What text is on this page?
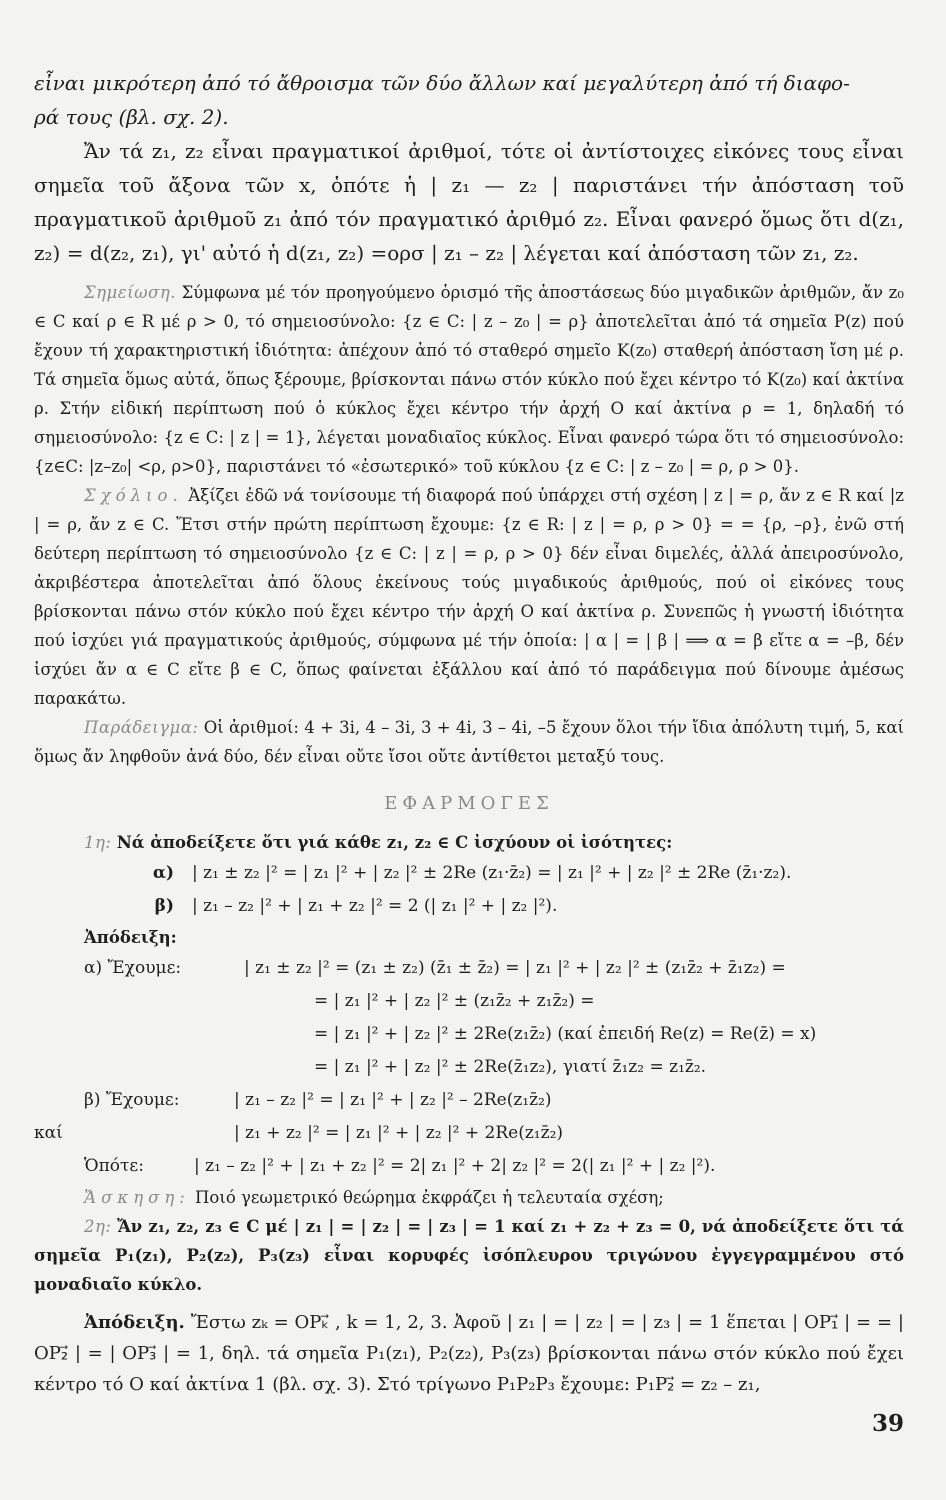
εἶναι μικρότερη ἀπό τό ἄθροισμα τῶν δύο ἄλλων καί μεγαλύτερη ἀπό τή διαφο-

ρά τους (βλ. σχ. 2).

Ἄν τά z₁, z₂ εἶναι πραγματικοί ἀριθμοί, τότε οἱ ἀντίστοιχες εἰκόνες τους εἶναι σημεῖα τοῦ ἄξονα τῶν x, ὁπότε ἡ | z₁ — z₂ | παριστάνει τήν ἀπόσταση τοῦ πραγματικοῦ ἀριθμοῦ z₁ ἀπό τόν πραγματικό ἀριθμό z₂. Εἶναι φανερό ὅμως ὅτι d(z₁, z₂) = d(z₂, z₁), γι' αὐτό ἡ d(z₁, z₂) =ορσ | z₁ – z₂ | λέγεται καί ἀπόσταση τῶν z₁, z₂.

Σημείωση. Σύμφωνα μέ τόν προηγούμενο ὁρισμό τῆς ἀποστάσεως δύο μιγαδικῶν ἀριθμῶν, ἄν z₀ ∈ C καί ρ ∈ R μέ ρ > 0, τό σημειοσύνολο: {z ∈ C: | z – z₀ | = ρ} ἀποτελεῖται ἀπό τά σημεῖα P(z) πού ἔχουν τή χαρακτηριστική ἰδιότητα: ἀπέχουν ἀπό τό σταθερό σημεῖο K(z₀) σταθερή ἀπόσταση ἴση μέ ρ. Τά σημεῖα ὅμως αὐτά, ὅπως ξέρουμε, βρίσκονται πάνω στόν κύκλο πού ἔχει κέντρο τό K(z₀) καί ἀκτίνα ρ. Στήν εἰδική περίπτωση πού ὁ κύκλος ἔχει κέντρο τήν ἀρχή O καί ἀκτίνα ρ = 1, δηλαδή τό σημειοσύνολο: {z ∈ C: | z | = 1}, λέγεται μοναδιαῖος κύκλος. Εἶναι φανερό τώρα ὅτι τό σημειοσύνολο: {z∈C: |z–z₀| <ρ, ρ>0}, παριστάνει τό «ἐσωτερικό» τοῦ κύκλου {z ∈ C: | z – z₀ | = ρ, ρ > 0}.

Σχόλιο. Ἀξίζει ἐδῶ νά τονίσουμε τή διαφορά πού ὑπάρχει στή σχέση | z | = ρ, ἄν z ∈ R καί |z | = ρ, ἄν z ∈ C. Ἔτσι στήν πρώτη περίπτωση ἔχουμε: {z ∈ R: | z | = ρ, ρ > 0} = = {ρ, –ρ}, ἐνῶ στή δεύτερη περίπτωση τό σημειοσύνολο {z ∈ C: | z | = ρ, ρ > 0} δέν εἶναι διμελές, ἀλλά ἀπειροσύνολο, ἀκριβέστερα ἀποτελεῖται ἀπό ὅλους ἐκείνους τούς μιγαδικούς ἀριθμούς, πού οἱ εἰκόνες τους βρίσκονται πάνω στόν κύκλο πού ἔχει κέντρο τήν ἀρχή O καί ἀκτίνα ρ. Συνεπῶς ἡ γνωστή ἰδιότητα πού ἰσχύει γιά πραγματικούς ἀριθμούς, σύμφωνα μέ τήν ὁποία: | α | = | β | ⟹ α = β εἴτε α = –β, δέν ἰσχύει ἄν α ∈ C εἴτε β ∈ C, ὅπως φαίνεται ἐξάλλου καί ἀπό τό παράδειγμα πού δίνουμε ἀμέσως παρακάτω.

Παράδειγμα: Οἱ ἀριθμοί: 4 + 3i, 4 – 3i, 3 + 4i, 3 – 4i, –5 ἔχουν ὅλοι τήν ἴδια ἀπόλυτη τιμή, 5, καί ὅμως ἄν ληφθοῦν ἀνά δύο, δέν εἶναι οὔτε ἴσοι οὔτε ἀντίθετοι μεταξύ τους.

ΕΦΑΡΜΟΓΕΣ

1η: Νά ἀποδείξετε ὅτι γιά κάθε z₁, z₂ ∈ C ἰσχύουν οἱ ἰσότητες:

α)	| z₁ ± z₂ |² = | z₁ |² + | z₂ |² ± 2Re (z₁·z̄₂) = | z₁ |² + | z₂ |² ± 2Re (z̄₁·z₂).
β)	| z₁ – z₂ |² + | z₁ + z₂ |² = 2 (| z₁ |² + | z₂ |²).

Ἀπόδειξη:

α) Ἔχουμε:	| z₁ ± z₂ |² = (z₁ ± z₂) (z̄₁ ± z̄₂) = | z₁ |² + | z₂ |² ± (z₁z̄₂ + z̄₁z₂) =
= | z₁ |² + | z₂ |² ± (z₁z̄₂ + z₁z̄₂) =
= | z₁ |² + | z₂ |² ± 2Re(z₁z̄₂) (καί ἐπειδή Re(z) = Re(z̄) = x)
= | z₁ |² + | z₂ |² ± 2Re(z̄₁z₂), γιατί z̄₁z₂ = z₁z̄₂.
β) Ἔχουμε:	| z₁ – z₂ |² = | z₁ |² + | z₂ |² – 2Re(z₁z̄₂)
καί	| z₁ + z₂ |² = | z₁ |² + | z₂ |² + 2Re(z₁z̄₂)
Ὁπότε:	| z₁ – z₂ |² + | z₁ + z₂ |² = 2| z₁ |² + 2| z₂ |² = 2(| z₁ |² + | z₂ |²).

Ἄσκηση: Ποιό γεωμετρικό θεώρημα ἐκφράζει ἡ τελευταία σχέση;

2η: Ἄν z₁, z₂, z₃ ∈ C μέ | z₁ | = | z₂ | = | z₃ | = 1 καί z₁ + z₂ + z₃ = 0, νά ἀποδείξετε ὅτι τά σημεῖα P₁(z₁), P₂(z₂), P₃(z₃) εἶναι κορυφές ἰσόπλευρου τριγώνου ἐγγεγραμμένου στό μοναδιαῖο κύκλο.

Ἀπόδειξη. Ἔστω zₖ = OPₖ⃗ , k = 1, 2, 3. Ἀφοῦ | z₁ | = | z₂ | = | z₃ | = 1 ἕπεται | OP₁⃗ | = = | OP₂⃗ | = | OP₃⃗ | = 1, δηλ. τά σημεῖα P₁(z₁), P₂(z₂), P₃(z₃) βρίσκονται πάνω στόν κύκλο πού ἔχει κέντρο τό O καί ἀκτίνα 1 (βλ. σχ. 3). Στό τρίγωνο P₁P₂P₃ ἔχουμε: P₁P₂⃗ = z₂ – z₁,

39
